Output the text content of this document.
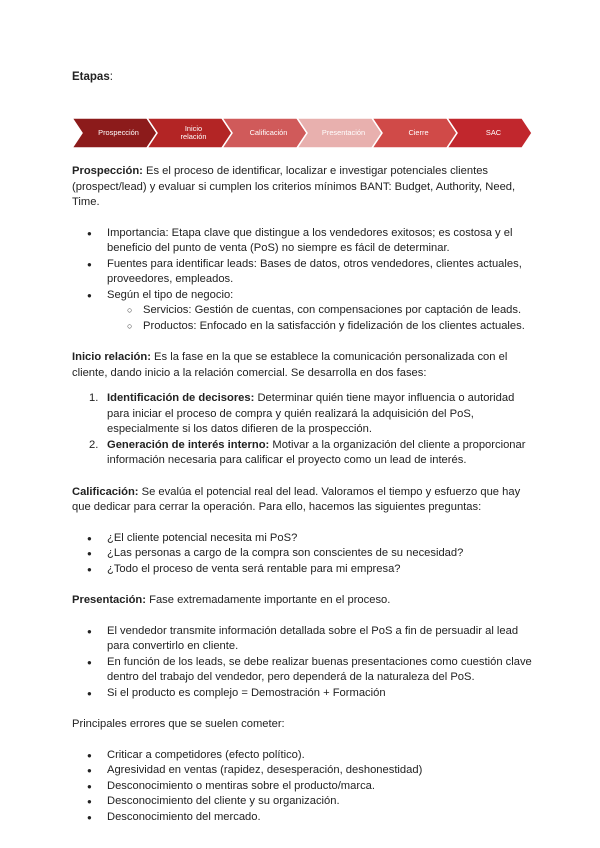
Etapas:
Prospección	Inicio
relación	Calificación	Presentación	Cierre	SAC

Prospección: Es el proceso de identificar, localizar e investigar potenciales clientes (prospect/lead) y evaluar si cumplen los criterios mínimos BANT: Budget, Authority, Need, Time.

● Importancia: Etapa clave que distingue a los vendedores exitosos; es costosa y el beneficio del punto de venta (PoS) no siempre es fácil de determinar.
● Fuentes para identificar leads: Bases de datos, otros vendedores, clientes actuales, proveedores, empleados.
● Según el tipo de negocio:
○ Servicios: Gestión de cuentas, con compensaciones por captación de leads.
○ Productos: Enfocado en la satisfacción y fidelización de los clientes actuales.

Inicio relación: Es la fase en la que se establece la comunicación personalizada con el cliente, dando inicio a la relación comercial. Se desarrolla en dos fases:

1. Identificación de decisores: Determinar quién tiene mayor influencia o autoridad para iniciar el proceso de compra y quién realizará la adquisición del PoS, especialmente si los datos difieren de la prospección.
2. Generación de interés interno: Motivar a la organización del cliente a proporcionar información necesaria para calificar el proyecto como un lead de interés.

Calificación: Se evalúa el potencial real del lead. Valoramos el tiempo y esfuerzo que hay que dedicar para cerrar la operación. Para ello, hacemos las siguientes preguntas:

● ¿El cliente potencial necesita mi PoS?
● ¿Las personas a cargo de la compra son conscientes de su necesidad?
● ¿Todo el proceso de venta será rentable para mi empresa?

Presentación: Fase extremadamente importante en el proceso.

● El vendedor transmite información detallada sobre el PoS a fin de persuadir al lead para convertirlo en cliente.
● En función de los leads, se debe realizar buenas presentaciones como cuestión clave dentro del trabajo del vendedor, pero dependerá de la naturaleza del PoS.
● Si el producto es complejo = Demostración + Formación

Principales errores que se suelen cometer:

● Criticar a competidores (efecto político).
● Agresividad en ventas (rapidez, desesperación, deshonestidad)
● Desconocimiento o mentiras sobre el producto/marca.
● Desconocimiento del cliente y su organización.
● Desconocimiento del mercado.
